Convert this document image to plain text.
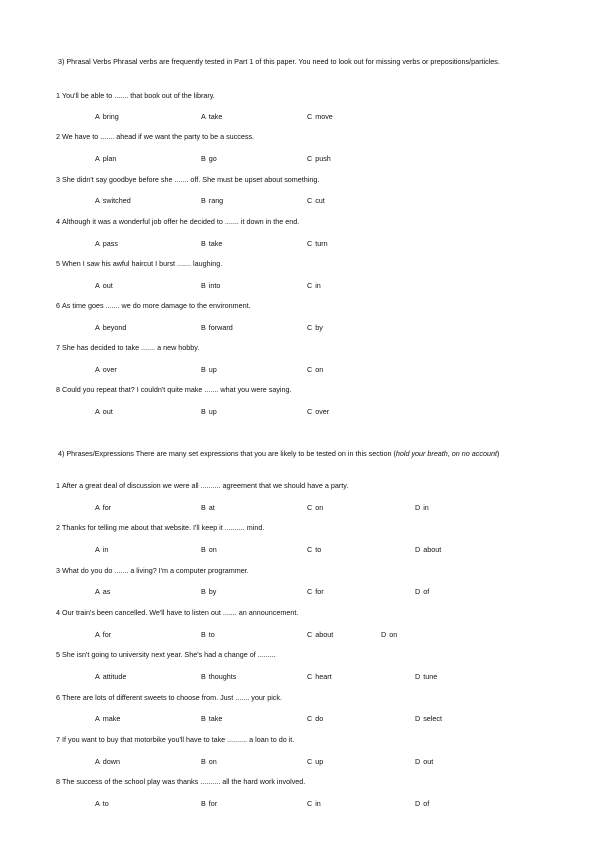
3) Phrasal Verbs Phrasal verbs are frequently tested in Part 1 of this paper. You need to look out for missing verbs or prepositions/particles.
1 You'll be able to ....... that book out of the library.
A bring	A take	C move
2 We have to ....... ahead if we want the party to be a success.
A plan	B go	C push
3 She didn't say goodbye before she ....... off. She must be upset about something.
A switched	B rang	C cut
4 Although it was a wonderful job offer he decided to ....... it down in the end.
A pass	B take	C turn
5 When I saw his awful haircut I burst ....... laughing.
A out	B into	C in
6 As time goes ....... we do more damage to the environment.
A beyond	B forward	C by
7 She has decided to take ....... a new hobby.
A over	B up	C on
8 Could you repeat that? I couldn't quite make ....... what you were saying.
A out	B up	C over
4) Phrases/Expressions There are many set expressions that you are likely to be tested on in this section (hold your breath, on no account)
1 After a great deal of discussion we were all .......... agreement that we should have a party.
A for	B at	C on	D in
2 Thanks for telling me about that website. I'll keep it .......... mind.
A in	B on	C to	D about
3 What do you do ....... a living? I'm a computer programmer.
A as	B by	C for	D of
4 Our train's been cancelled. We'll have to listen out ....... an announcement.
A for	B to	C about	D on
5 She isn't going to university next year. She's had a change of .........
A attitude	B thoughts	C heart	D tune
6 There are lots of different sweets to choose from. Just ....... your pick.
A make	B take	C do	D select
7 If you want to buy that motorbike you'll have to take .......... a loan to do it.
A down	B on	C up	D out
8 The success of the school play was thanks .......... all the hard work involved.
A to	B for	C in	D of
